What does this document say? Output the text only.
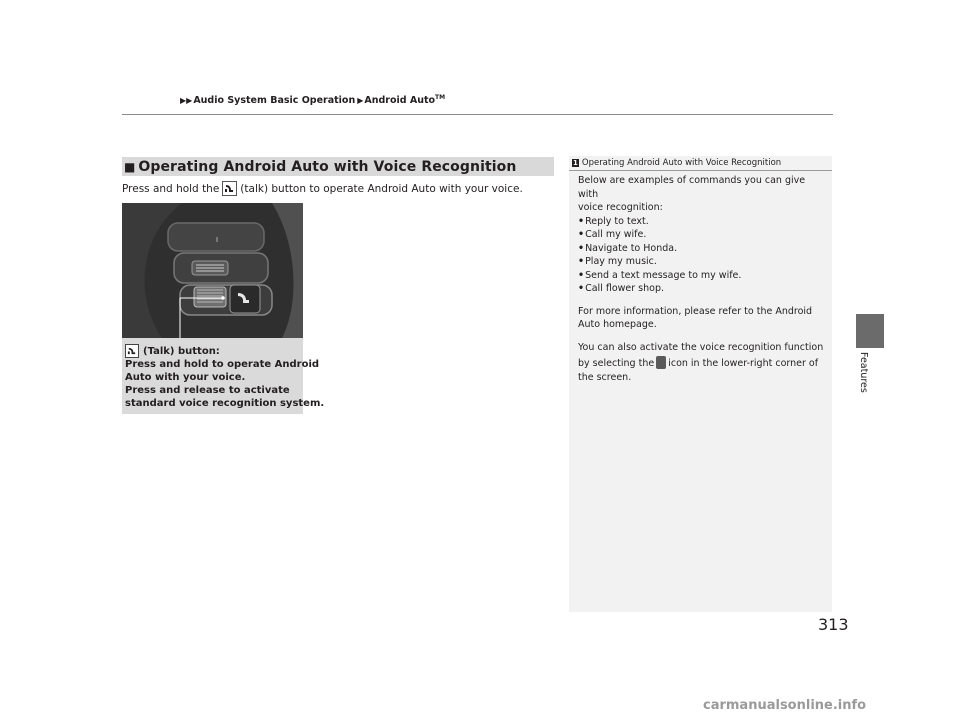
▶▶ Audio System Basic Operation ▶ Android Auto™
Features
■ Operating Android Auto with Voice Recognition
Press and hold the (talk) button to operate Android Auto with your voice.
(Talk) button:
Press and hold to operate Android
Auto with your voice.
Press and release to activate
standard voice recognition system.
1 Operating Android Auto with Voice Recognition

Below are examples of commands you can give with

voice recognition:

• Reply to text.

• Call my wife.

• Navigate to Honda.

• Play my music.

• Send a text message to my wife.

• Call flower shop.

For more information, please refer to the Android

Auto homepage.

You can also activate the voice recognition function

by selecting the icon in the lower-right corner of

the screen.

313
carmanualsonline.info
